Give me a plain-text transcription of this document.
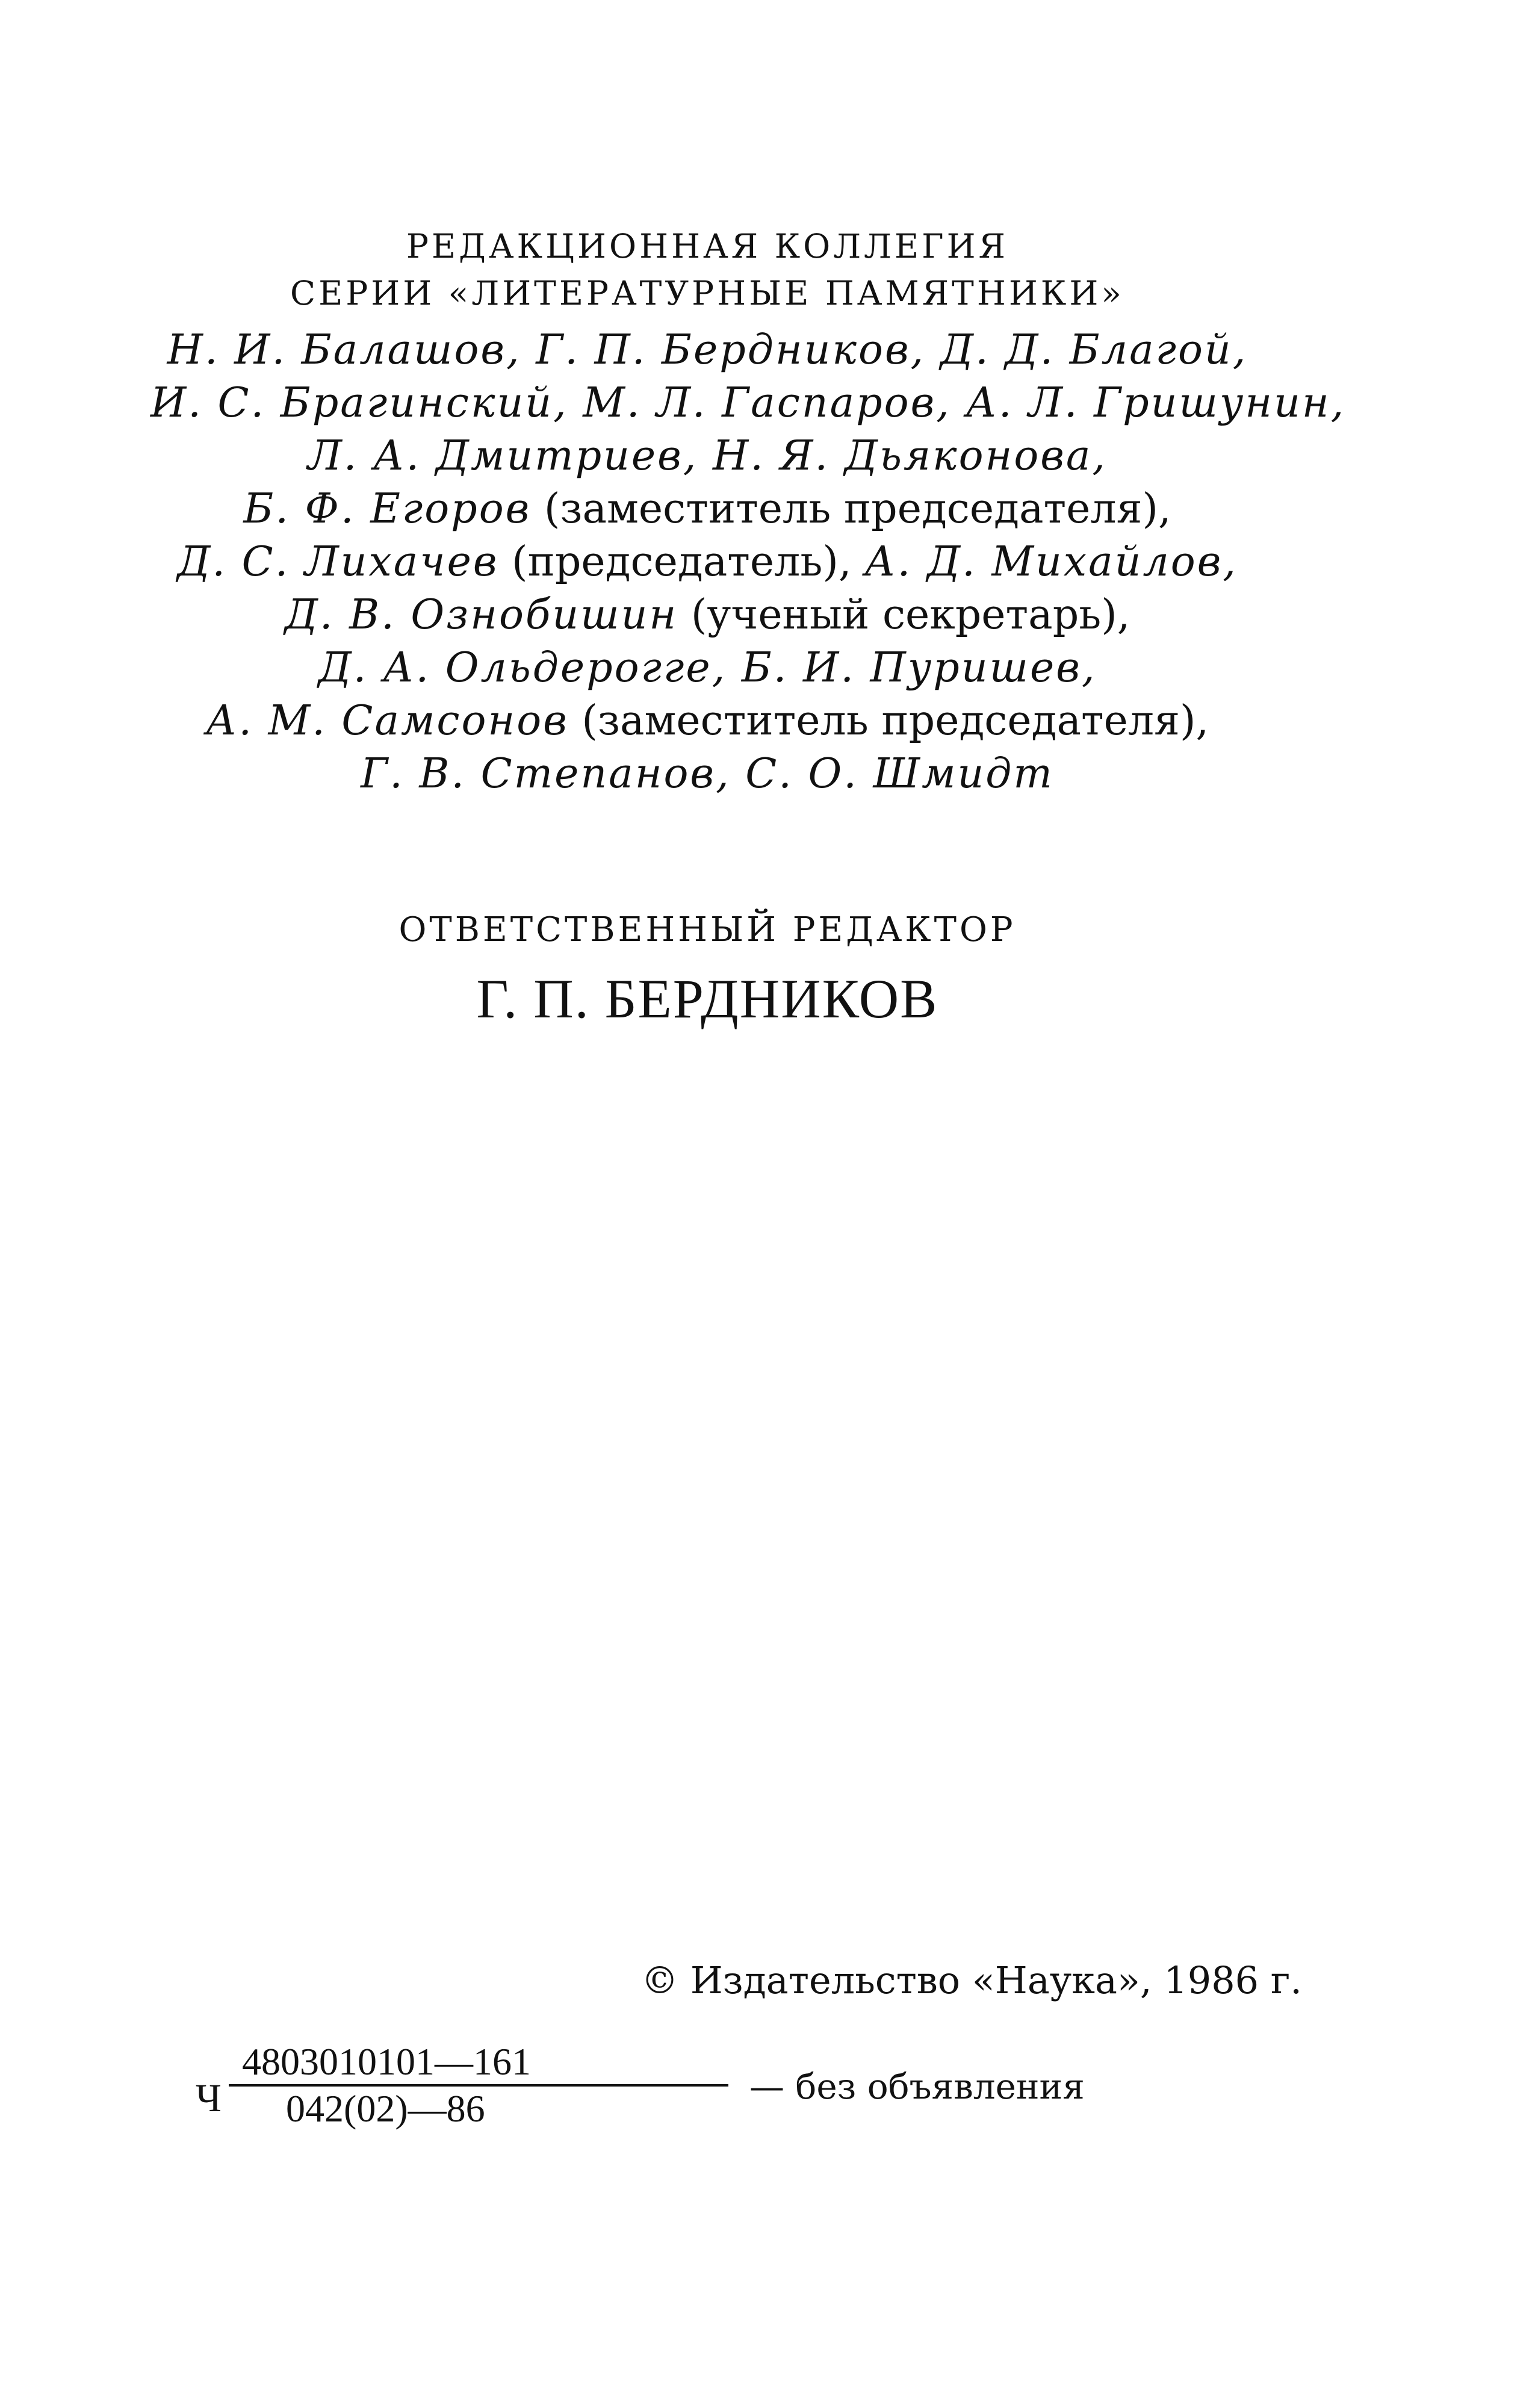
РЕДАКЦИОННАЯ КОЛЛЕГИЯ
СЕРИИ «ЛИТЕРАТУРНЫЕ ПАМЯТНИКИ»
Н. И. Балашов, Г. П. Бердников, Д. Д. Благой,
И. С. Брагинский, М. Л. Гаспаров, А. Л. Гришунин,
Л. А. Дмитриев, Н. Я. Дьяконова,
Б. Ф. Егоров (заместитель председателя),
Д. С. Лихачев (председатель), А. Д. Михайлов,
Д. В. Ознобишин (ученый секретарь),
Д. А. Ольдерогге, Б. И. Пуришев,
А. М. Самсонов (заместитель председателя),
Г. В. Степанов, С. О. Шмидт
ОТВЕТСТВЕННЫЙ РЕДАКТОР
Г. П. БЕРДНИКОВ
© Издательство «Наука», 1986 г.
Ч
4803010101—161
042(02)—86
— без объявления
